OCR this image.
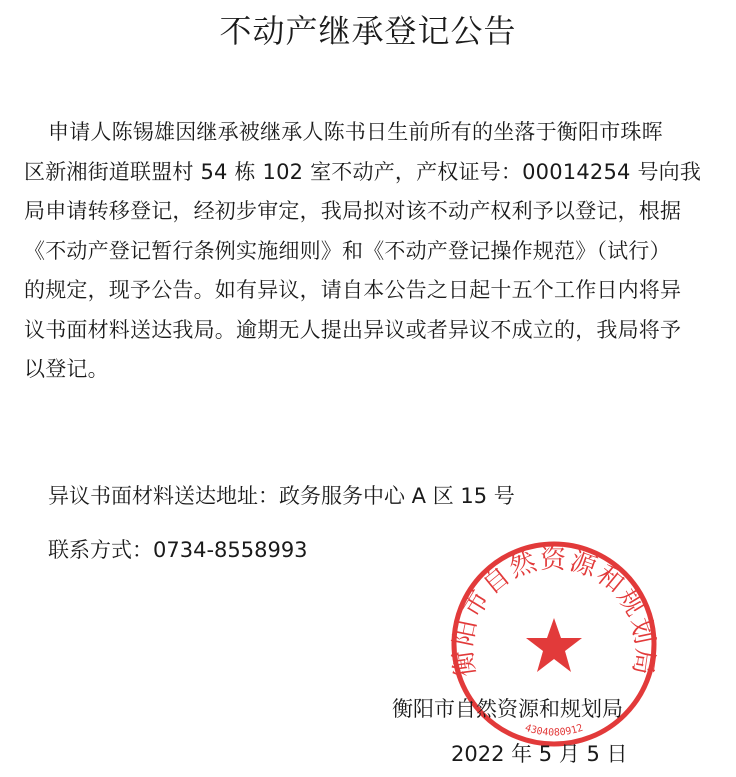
不动产继承登记公告
申请人陈锡雄因继承被继承人陈书日生前所有的坐落于衡阳市珠晖
区新湘街道联盟村 54 栋 102 室不动产，产权证号：00014254 号向我
局申请转移登记，经初步审定，我局拟对该不动产权利予以登记，根据
《不动产登记暂行条例实施细则》和《不动产登记操作规范》（试行）
的规定，现予公告。如有异议，请自本公告之日起十五个工作日内将异
议书面材料送达我局。逾期无人提出异议或者异议不成立的，我局将予
以登记。
异议书面材料送达地址：政务服务中心 A 区 15 号
联系方式：0734-8558993
衡阳市自然资源和规划局
4304080912
衡阳市自然资源和规划局
2022 年 5 月 5 日
